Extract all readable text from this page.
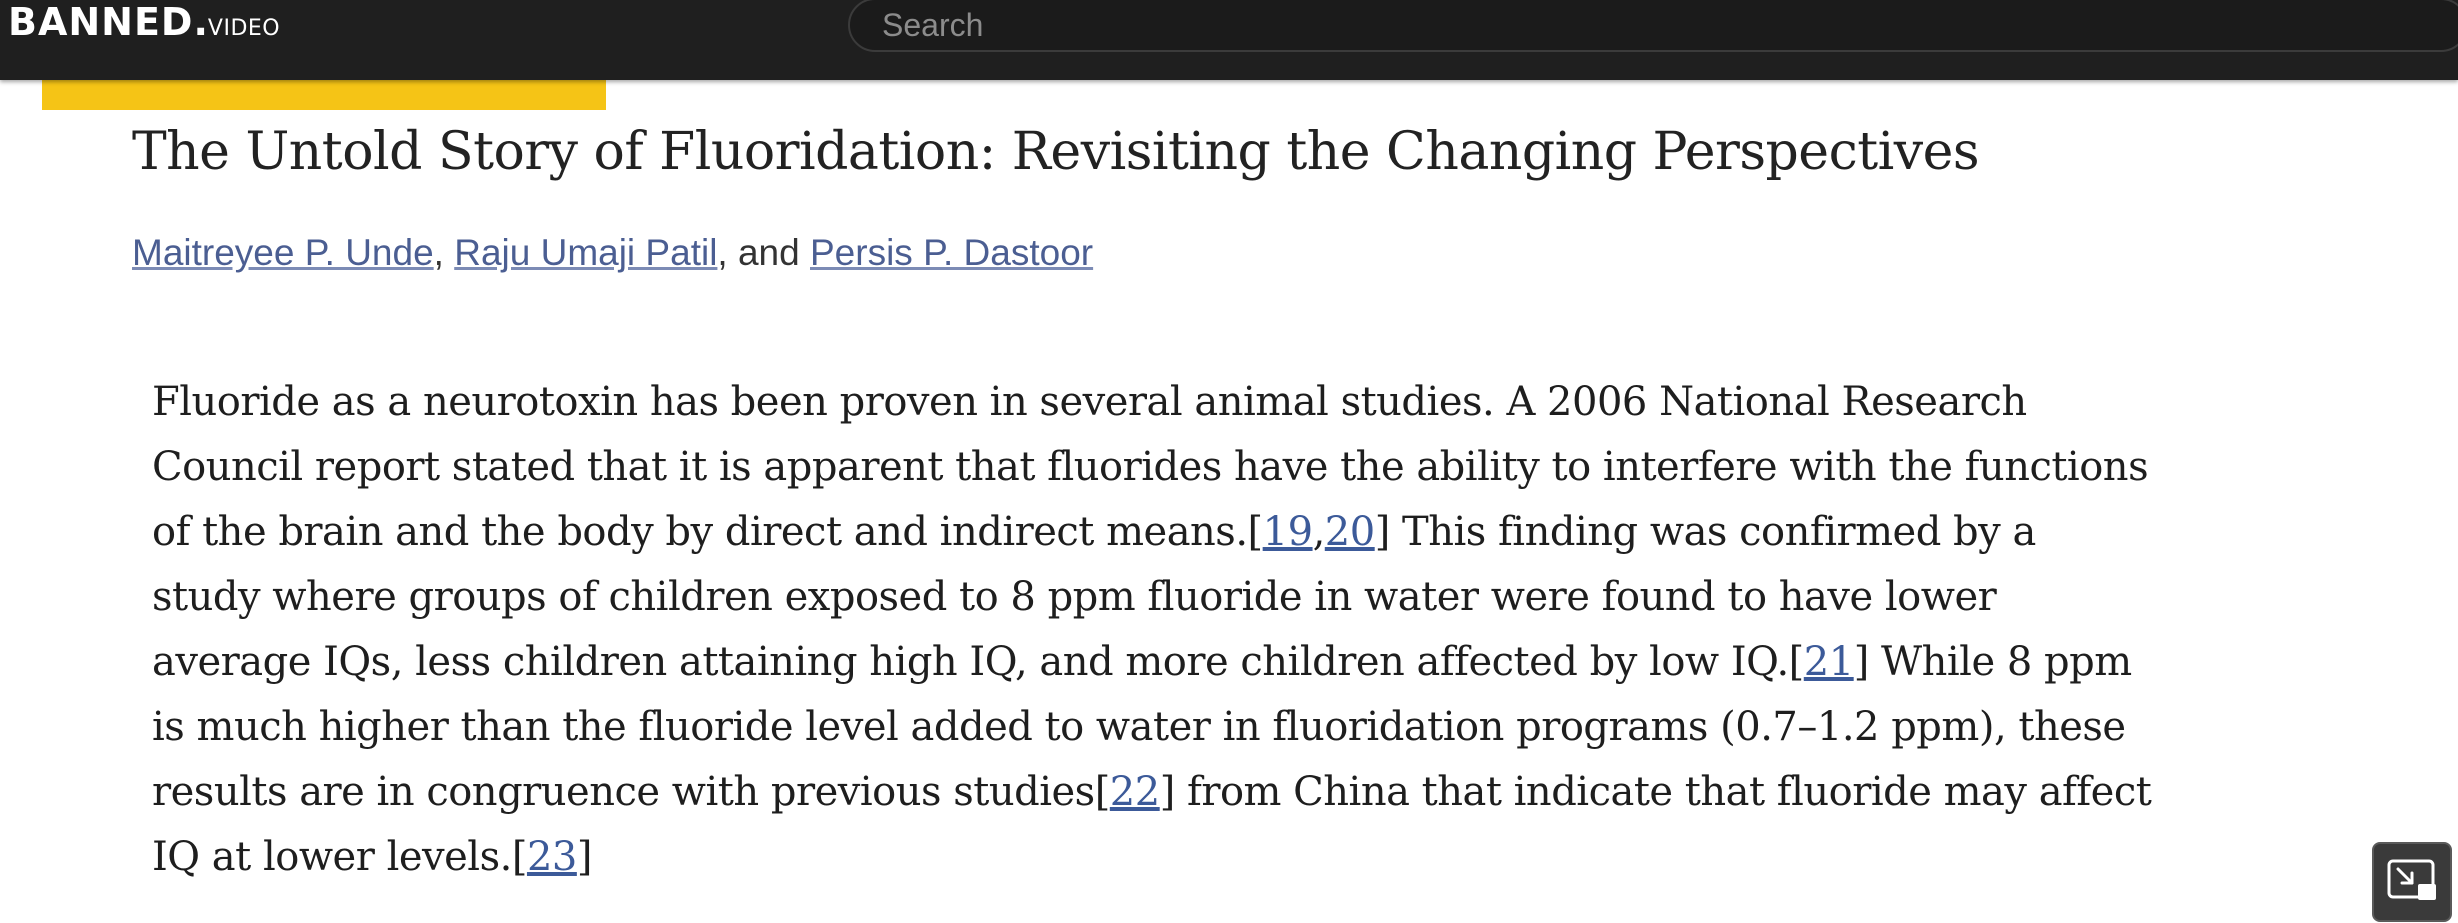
BANNED . VIDEO
Search
The Untold Story of Fluoridation: Revisiting the Changing Perspectives
Maitreyee P. Unde, Raju Umaji Patil, and Persis P. Dastoor
Fluoride as a neurotoxin has been proven in several animal studies. A 2006 National Research
Council report stated that it is apparent that fluorides have the ability to interfere with the functions
of the brain and the body by direct and indirect means.[19,20] This finding was confirmed by a
study where groups of children exposed to 8 ppm fluoride in water were found to have lower
average IQs, less children attaining high IQ, and more children affected by low IQ.[21] While 8 ppm
is much higher than the fluoride level added to water in fluoridation programs (0.7–1.2 ppm), these
results are in congruence with previous studies[22] from China that indicate that fluoride may affect
IQ at lower levels.[23]
